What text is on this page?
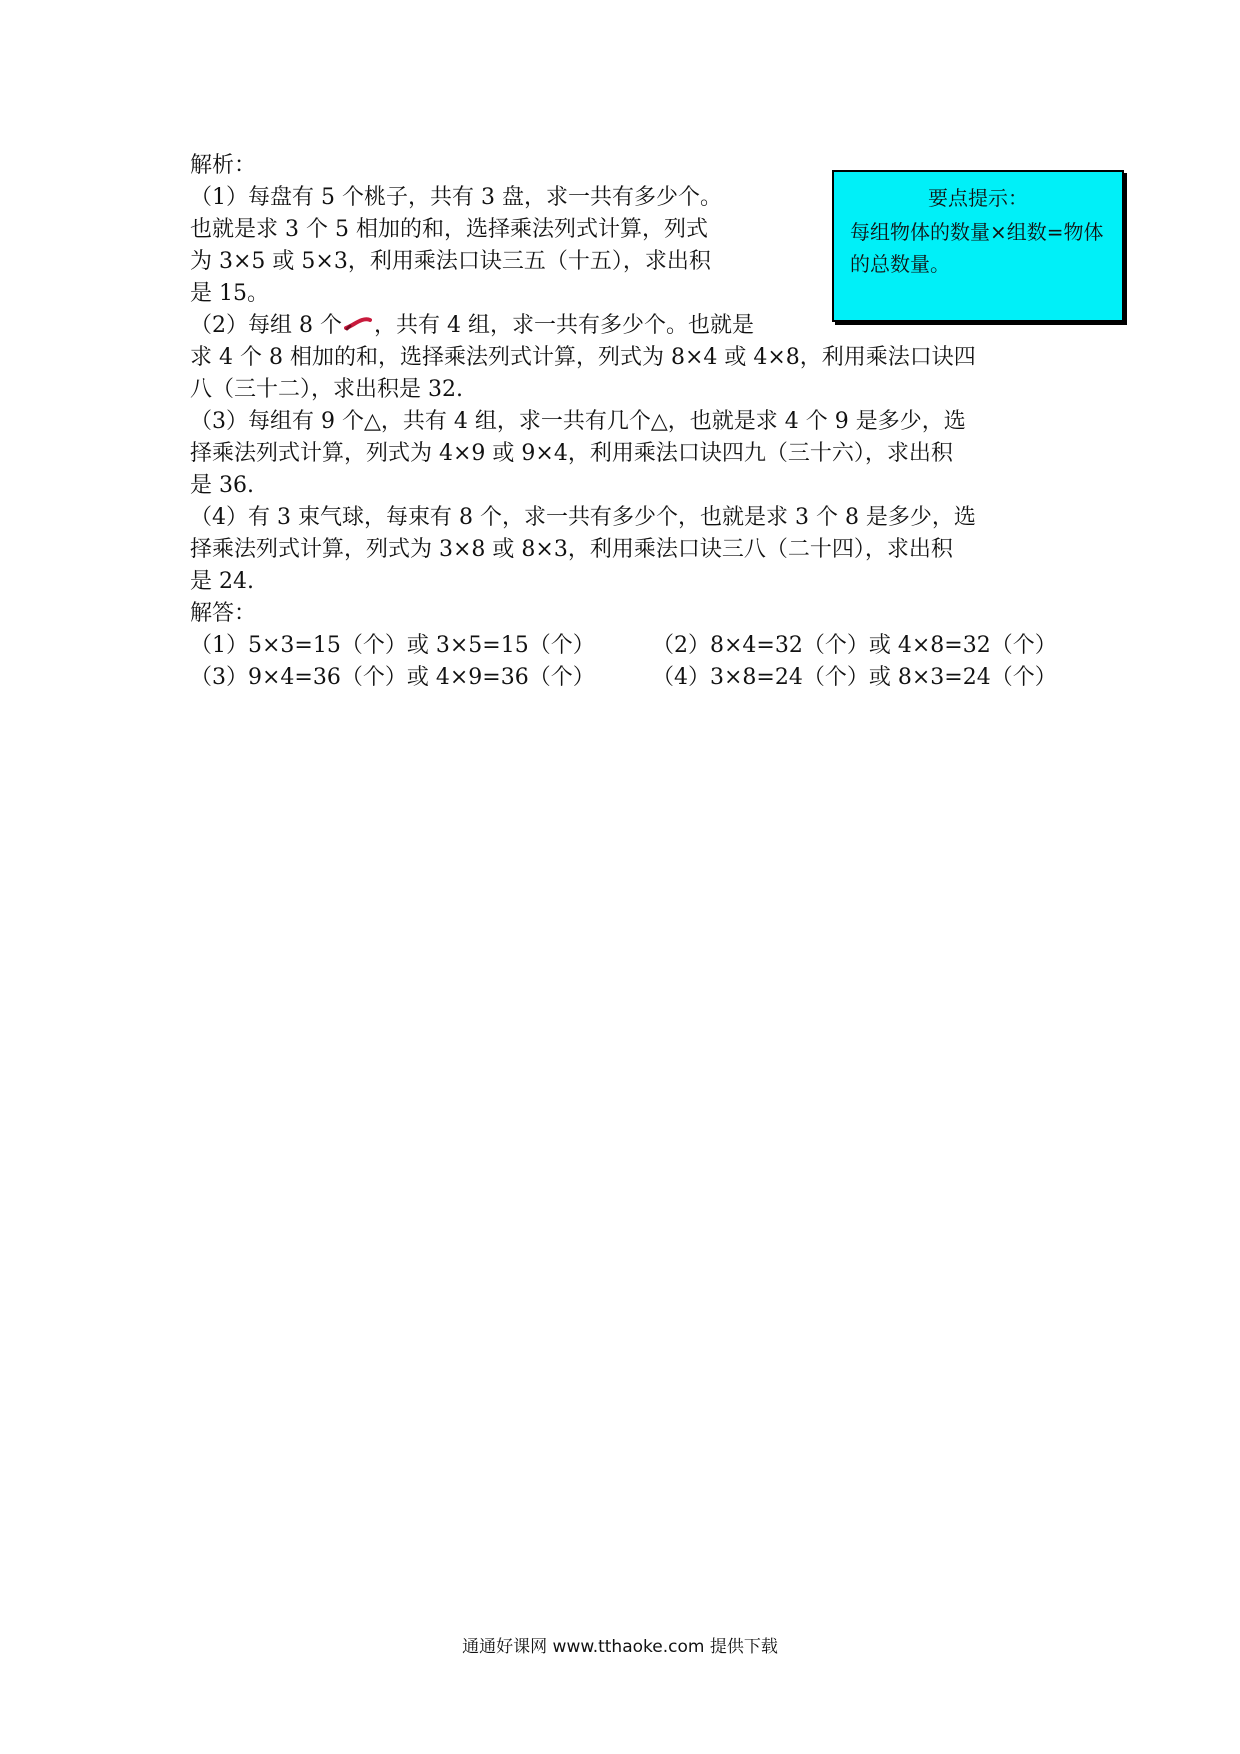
解析：
（1）每盘有 5 个桃子，共有 3 盘，求一共有多少个。
也就是求 3 个 5 相加的和，选择乘法列式计算，列式
为 3×5 或 5×3，利用乘法口诀三五（十五），求出积
是 15。
（2）每组 8 个 ，共有 4 组，求一共有多少个。也就是
求 4 个 8 相加的和，选择乘法列式计算，列式为 8×4 或 4×8，利用乘法口诀四
八（三十二），求出积是 32.
（3）每组有 9 个△，共有 4 组，求一共有几个△，也就是求 4 个 9 是多少，选
择乘法列式计算，列式为 4×9 或 9×4，利用乘法口诀四九（三十六），求出积
是 36.
（4）有 3 束气球，每束有 8 个，求一共有多少个，也就是求 3 个 8 是多少，选
择乘法列式计算，列式为 3×8 或 8×3，利用乘法口诀三八（二十四），求出积
是 24.
解答：
（1）5×3=15（个）或 3×5=15（个）	（2）8×4=32（个）或 4×8=32（个）
（3）9×4=36（个）或 4×9=36（个）	（4）3×8=24（个）或 8×3=24（个）
要点提示：
每组物体的数量×组数=物体的总数量。
通通好课网 www.tthaoke.com 提供下载
